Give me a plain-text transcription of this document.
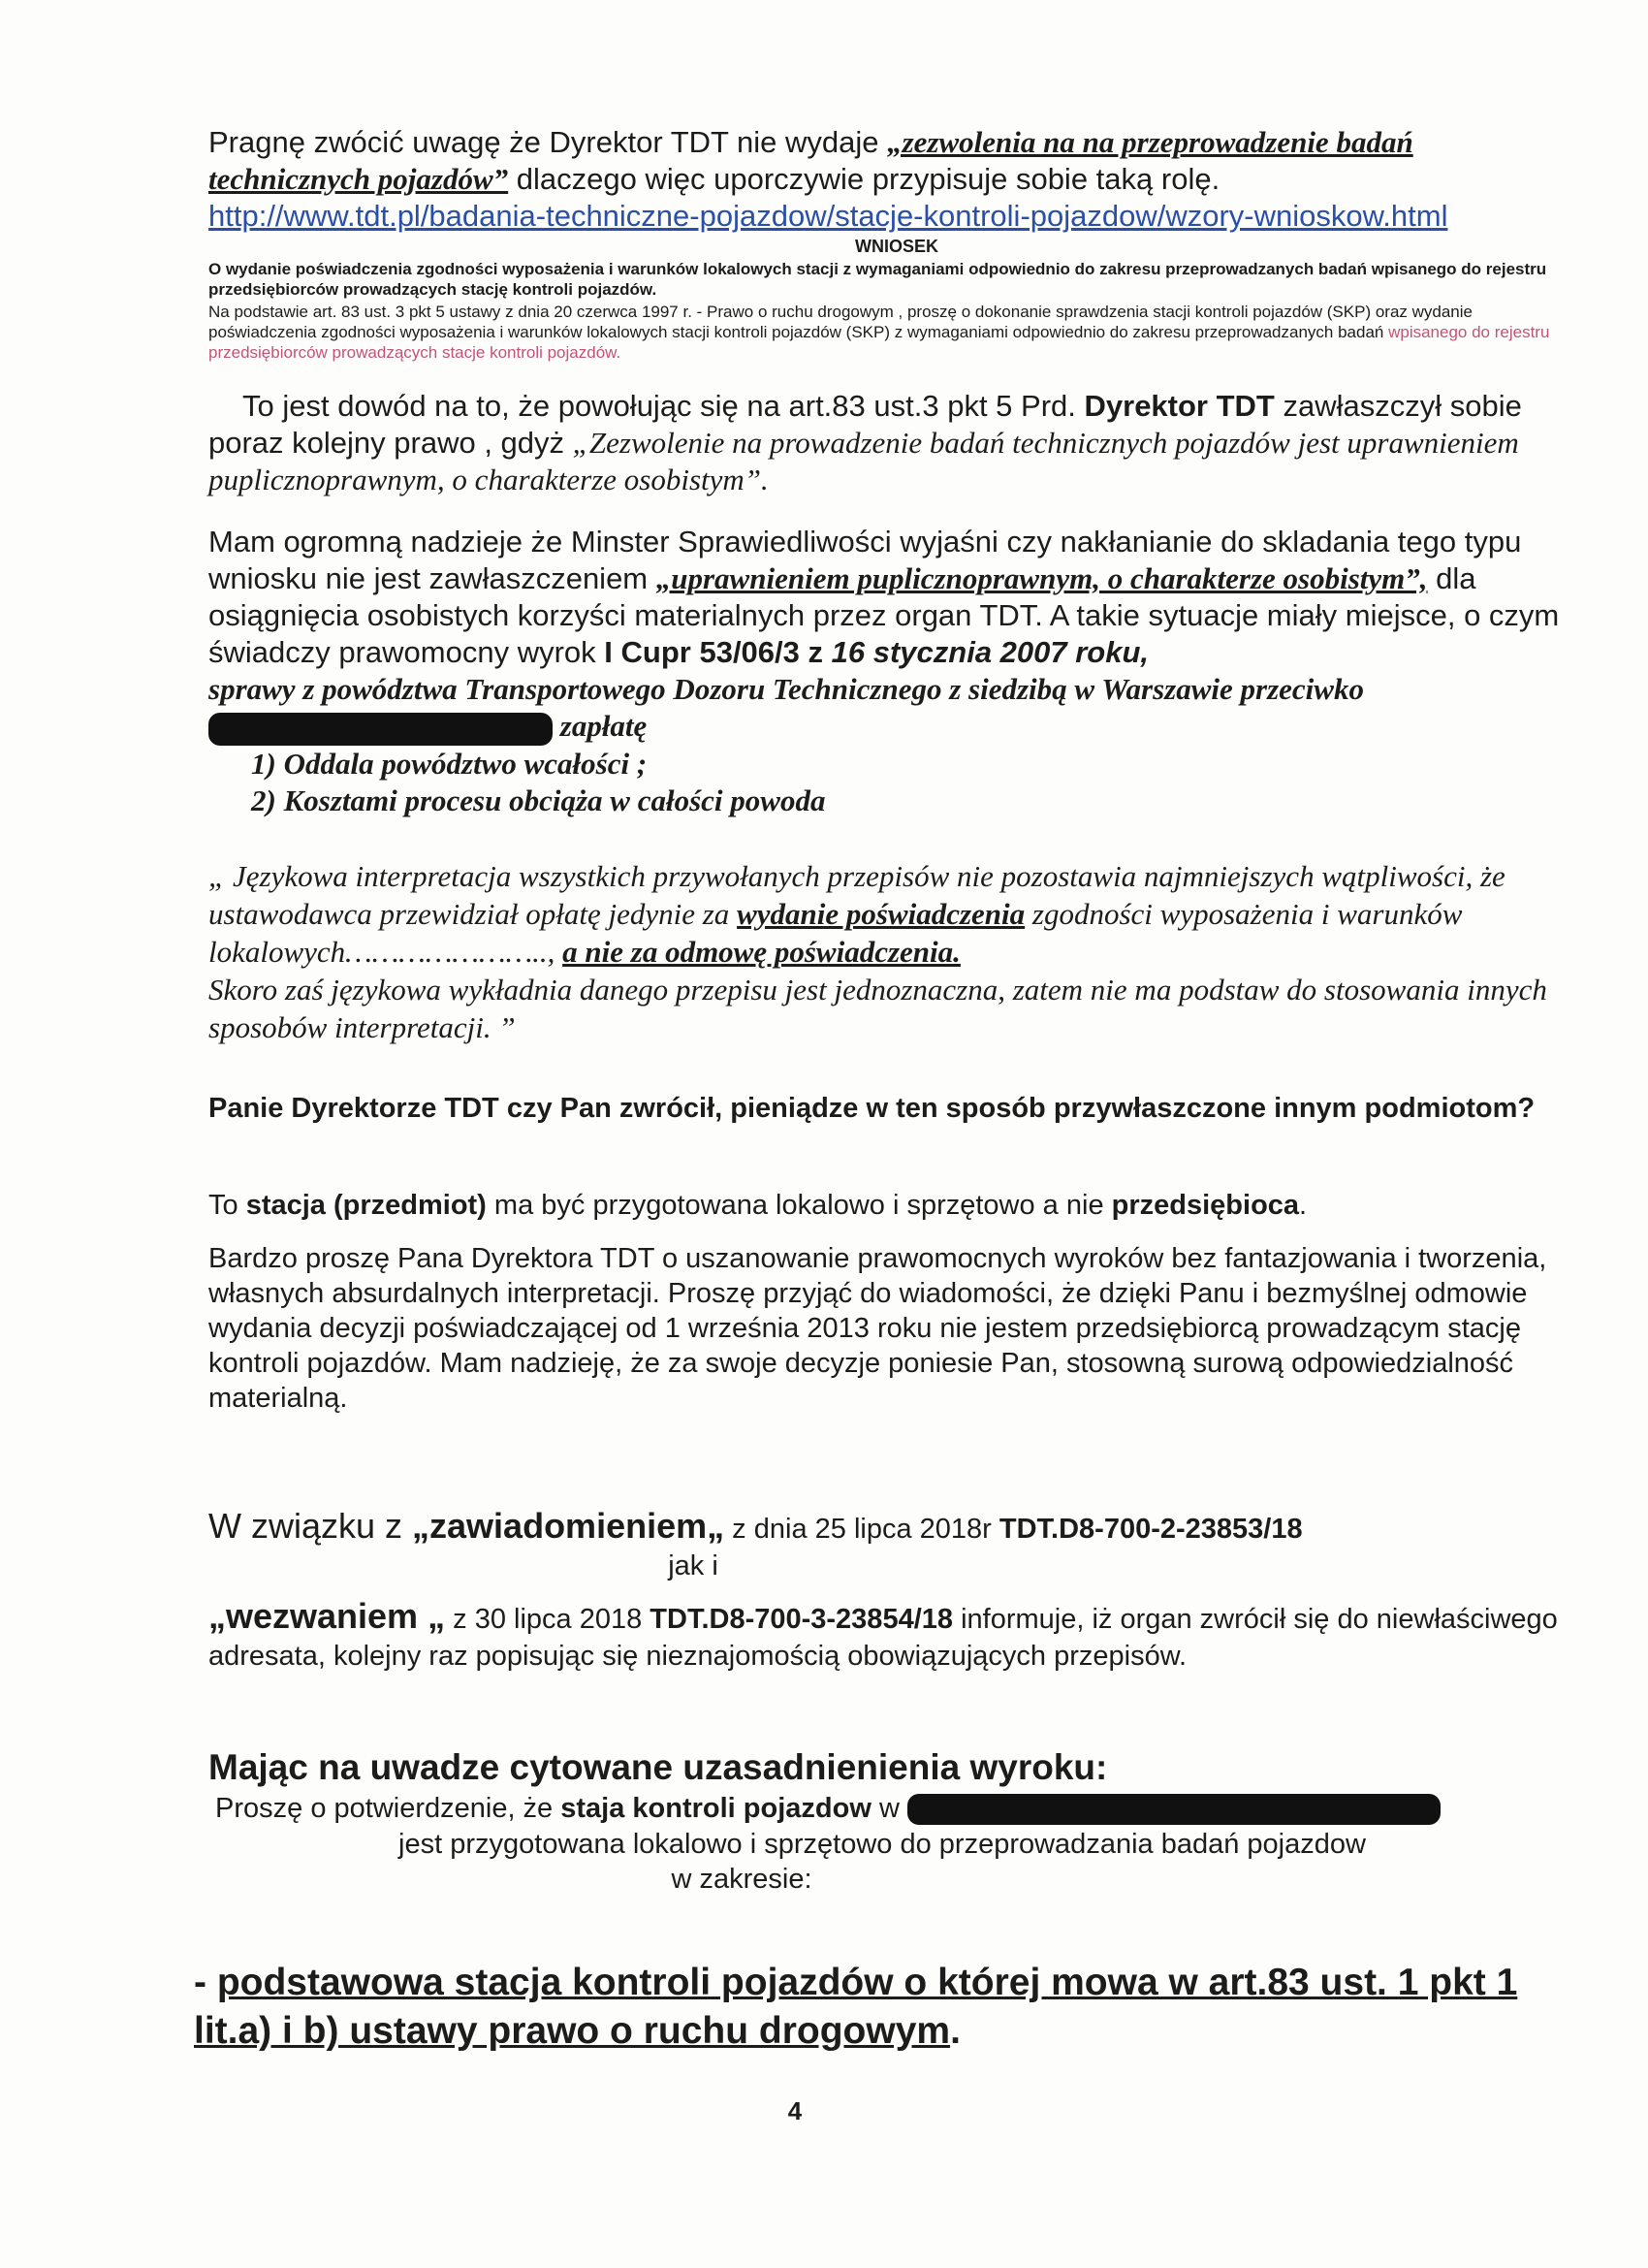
Pragnę zwócić uwagę że Dyrektor TDT nie wydaje „zezwolenia na na przeprowadzenie badań technicznych pojazdów” dlaczego więc uporczywie przypisuje sobie taką rolę.
http://www.tdt.pl/badania-techniczne-pojazdow/stacje-kontroli-pojazdow/wzory-wnioskow.html

WNIOSEK
O wydanie poświadczenia zgodności wyposażenia i warunków lokalowych stacji z wymaganiami odpowiednio do zakresu przeprowadzanych badań wpisanego do rejestru przedsiębiorców prowadzących stację kontroli pojazdów.
Na podstawie art. 83 ust. 3 pkt 5 ustawy z dnia 20 czerwca 1997 r. - Prawo o ruchu drogowym , proszę o dokonanie sprawdzenia stacji kontroli pojazdów (SKP) oraz wydanie poświadczenia zgodności wyposażenia i warunków lokalowych stacji kontroli pojazdów (SKP) z wymaganiami odpowiednio do zakresu przeprowadzanych badań wpisanego do rejestru przedsiębiorców prowadzących stacje kontroli pojazdów.

To jest dowód na to, że powołując się na art.83 ust.3 pkt 5 Prd. Dyrektor TDT zawłaszczył sobie poraz kolejny prawo , gdyż „Zezwolenie na prowadzenie badań technicznych pojazdów jest uprawnieniem puplicznoprawnym, o charakterze osobistym”.

Mam ogromną nadzieje że Minster Sprawiedliwości wyjaśni czy nakłanianie do skladania tego typu wniosku nie jest zawłaszczeniem „uprawnieniem puplicznoprawnym, o charakterze osobistym”, dla osiągnięcia osobistych korzyści materialnych przez organ TDT. A takie sytuacje miały miejsce, o czym świadczy prawomocny wyrok I Cupr 53/06/3 z 16 stycznia 2007 roku,
sprawy z powództwa Transportowego Dozoru Technicznego z siedzibą w Warszawie przeciwko
zapłatę
1) Oddala powództwo wcałości ;
2) Kosztami procesu obciąża w całości powoda

„ Językowa interpretacja wszystkich przywołanych przepisów nie pozostawia najmniejszych wątpliwości, że ustawodawca przewidział opłatę jedynie za wydanie poświadczenia zgodności wyposażenia i warunków lokalowych………………….., a nie za odmowę poświadczenia.
Skoro zaś językowa wykładnia danego przepisu jest jednoznaczna, zatem nie ma podstaw do stosowania innych sposobów interpretacji. ”

Panie Dyrektorze TDT czy Pan zwrócił, pieniądze w ten sposób przywłaszczone innym podmiotom?

To stacja (przedmiot) ma być przygotowana lokalowo i sprzętowo a nie przedsiębioca.

Bardzo proszę Pana Dyrektora TDT o uszanowanie prawomocnych wyroków bez fantazjowania i tworzenia, własnych absurdalnych interpretacji. Proszę przyjąć do wiadomości, że dzięki Panu i bezmyślnej odmowie wydania decyzji poświadczającej od 1 września 2013 roku nie jestem przedsiębiorcą prowadzącym stację kontroli pojazdów. Mam nadzieję, że za swoje decyzje poniesie Pan, stosowną surową odpowiedzialność materialną.

W związku z „zawiadomieniem„ z dnia 25 lipca 2018r TDT.D8-700-2-23853/18
jak i
„wezwaniem „ z 30 lipca 2018 TDT.D8-700-3-23854/18 informuje, iż organ zwrócił się do niewłaściwego adresata, kolejny raz popisując się nieznajomością obowiązujących przepisów.
Mając na uwadze cytowane uzasadnienienia wyroku:
Proszę o potwierdzenie, że staja kontroli pojazdow w
jest przygotowana lokalowo i sprzętowo do przeprowadzania badań pojazdow
w zakresie:

- podstawowa stacja kontroli pojazdów o której mowa w art.83 ust. 1 pkt 1 lit.a) i b) ustawy prawo o ruchu drogowym.

4
